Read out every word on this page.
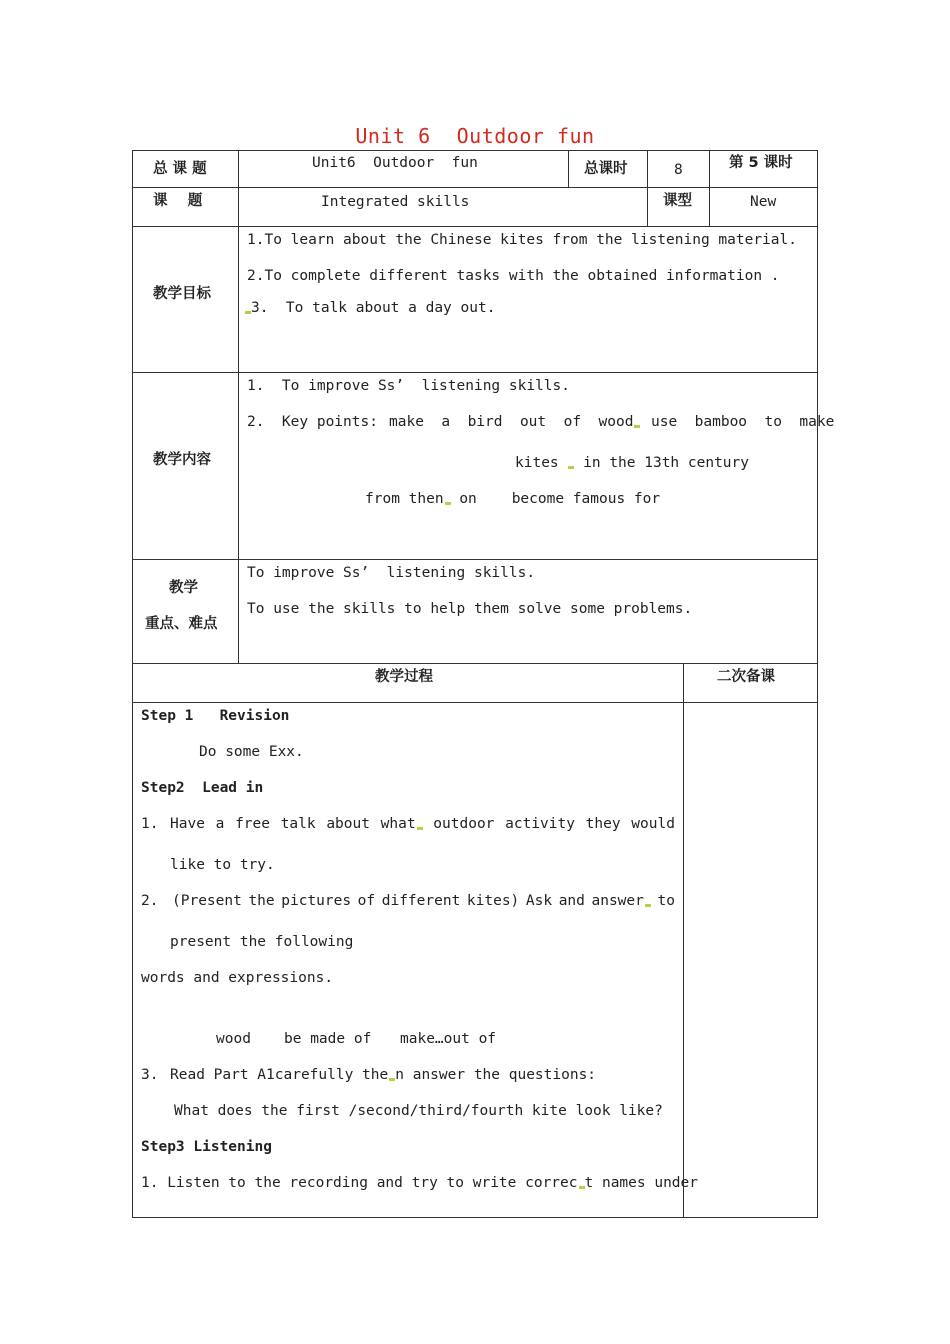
Unit 6 Outdoor fun
总 课 题	Unit6  Outdoor  fun	总课时	8	第 5 课时
课    题	Integrated skills	课型	New
教学目标
1.To learn about the Chinese kites from the listening material.
2.To complete different tasks with the obtained information .
3.  To talk about a day out.
教学内容
1.  To improve Ss’  listening skills.
2.  Key points: make  a  bird  out  of  wood	use  bamboo  to  make
kites in the 13th century
from then on become famous for
教学
重点、难点
To improve Ss’  listening skills.
To use the skills to help them solve some problems.
教学过程	二次备课
Step 1   Revision
Do some Exx.
Step2  Lead in
1. Have a free talk about what	outdoor activity they would
like to try.
2. (Present the pictures of different kites) Ask and answer to
present the following
words and expressions.
wood be made of make…out of
3. Read Part A1carefully the n answer the questions:
What does the first /second/third/fourth kite look like?
Step3 Listening
1. Listen to the recording and try to write correc t names under
